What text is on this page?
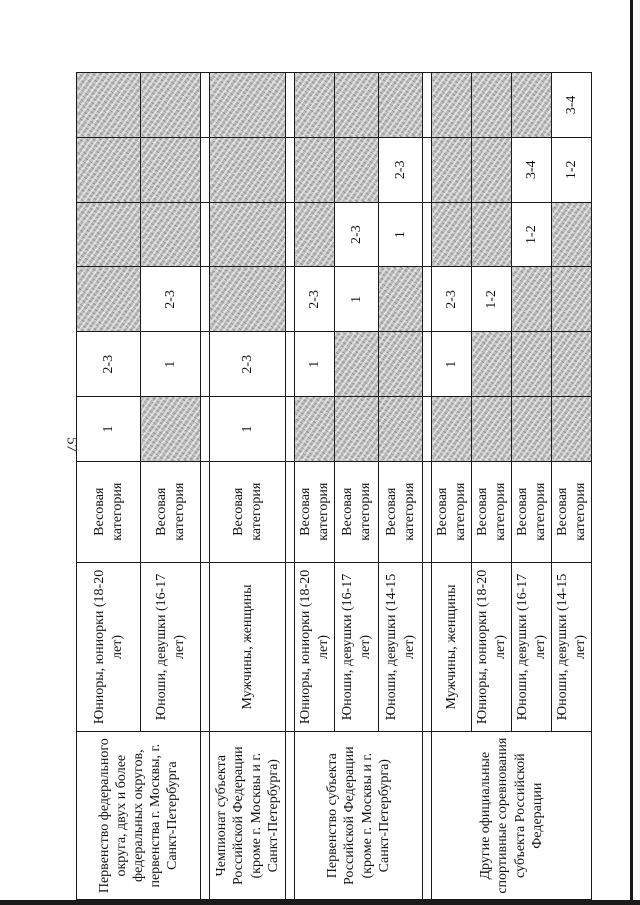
57
Первенство федерального округа, двух и более федеральных округов, первенства г. Москвы, г. Санкт-Петербурга	Юниоры, юниорки (18-20 лет)	Весовая категория	1	2-3				
	Юноши, девушки (16-17 лет)	Весовая категория		1	2-3			

Чемпионат субъекта Российской Федерации (кроме г. Москвы и г. Санкт-Петербурга)	Мужчины, женщины	Весовая категория	1	2-3				

Первенство субъекта Российской Федерации (кроме г. Москвы и г. Санкт-Петербурга)	Юниоры, юниорки (18-20 лет)	Весовая категория		1	2-3			
	Юноши, девушки (16-17 лет)	Весовая категория			1	2-3		
	Юноши, девушки (14-15 лет)	Весовая категория				1	2-3	

Другие официальные спортивные соревнования субъекта Российской Федерации	Мужчины, женщины	Весовая категория		1	2-3			
	Юниоры, юниорки (18-20 лет)	Весовая категория			1-2			
	Юноши, девушки (16-17 лет)	Весовая категория				1-2	3-4	
	Юноши, девушки (14-15 лет)	Весовая категория					1-2	3-4
